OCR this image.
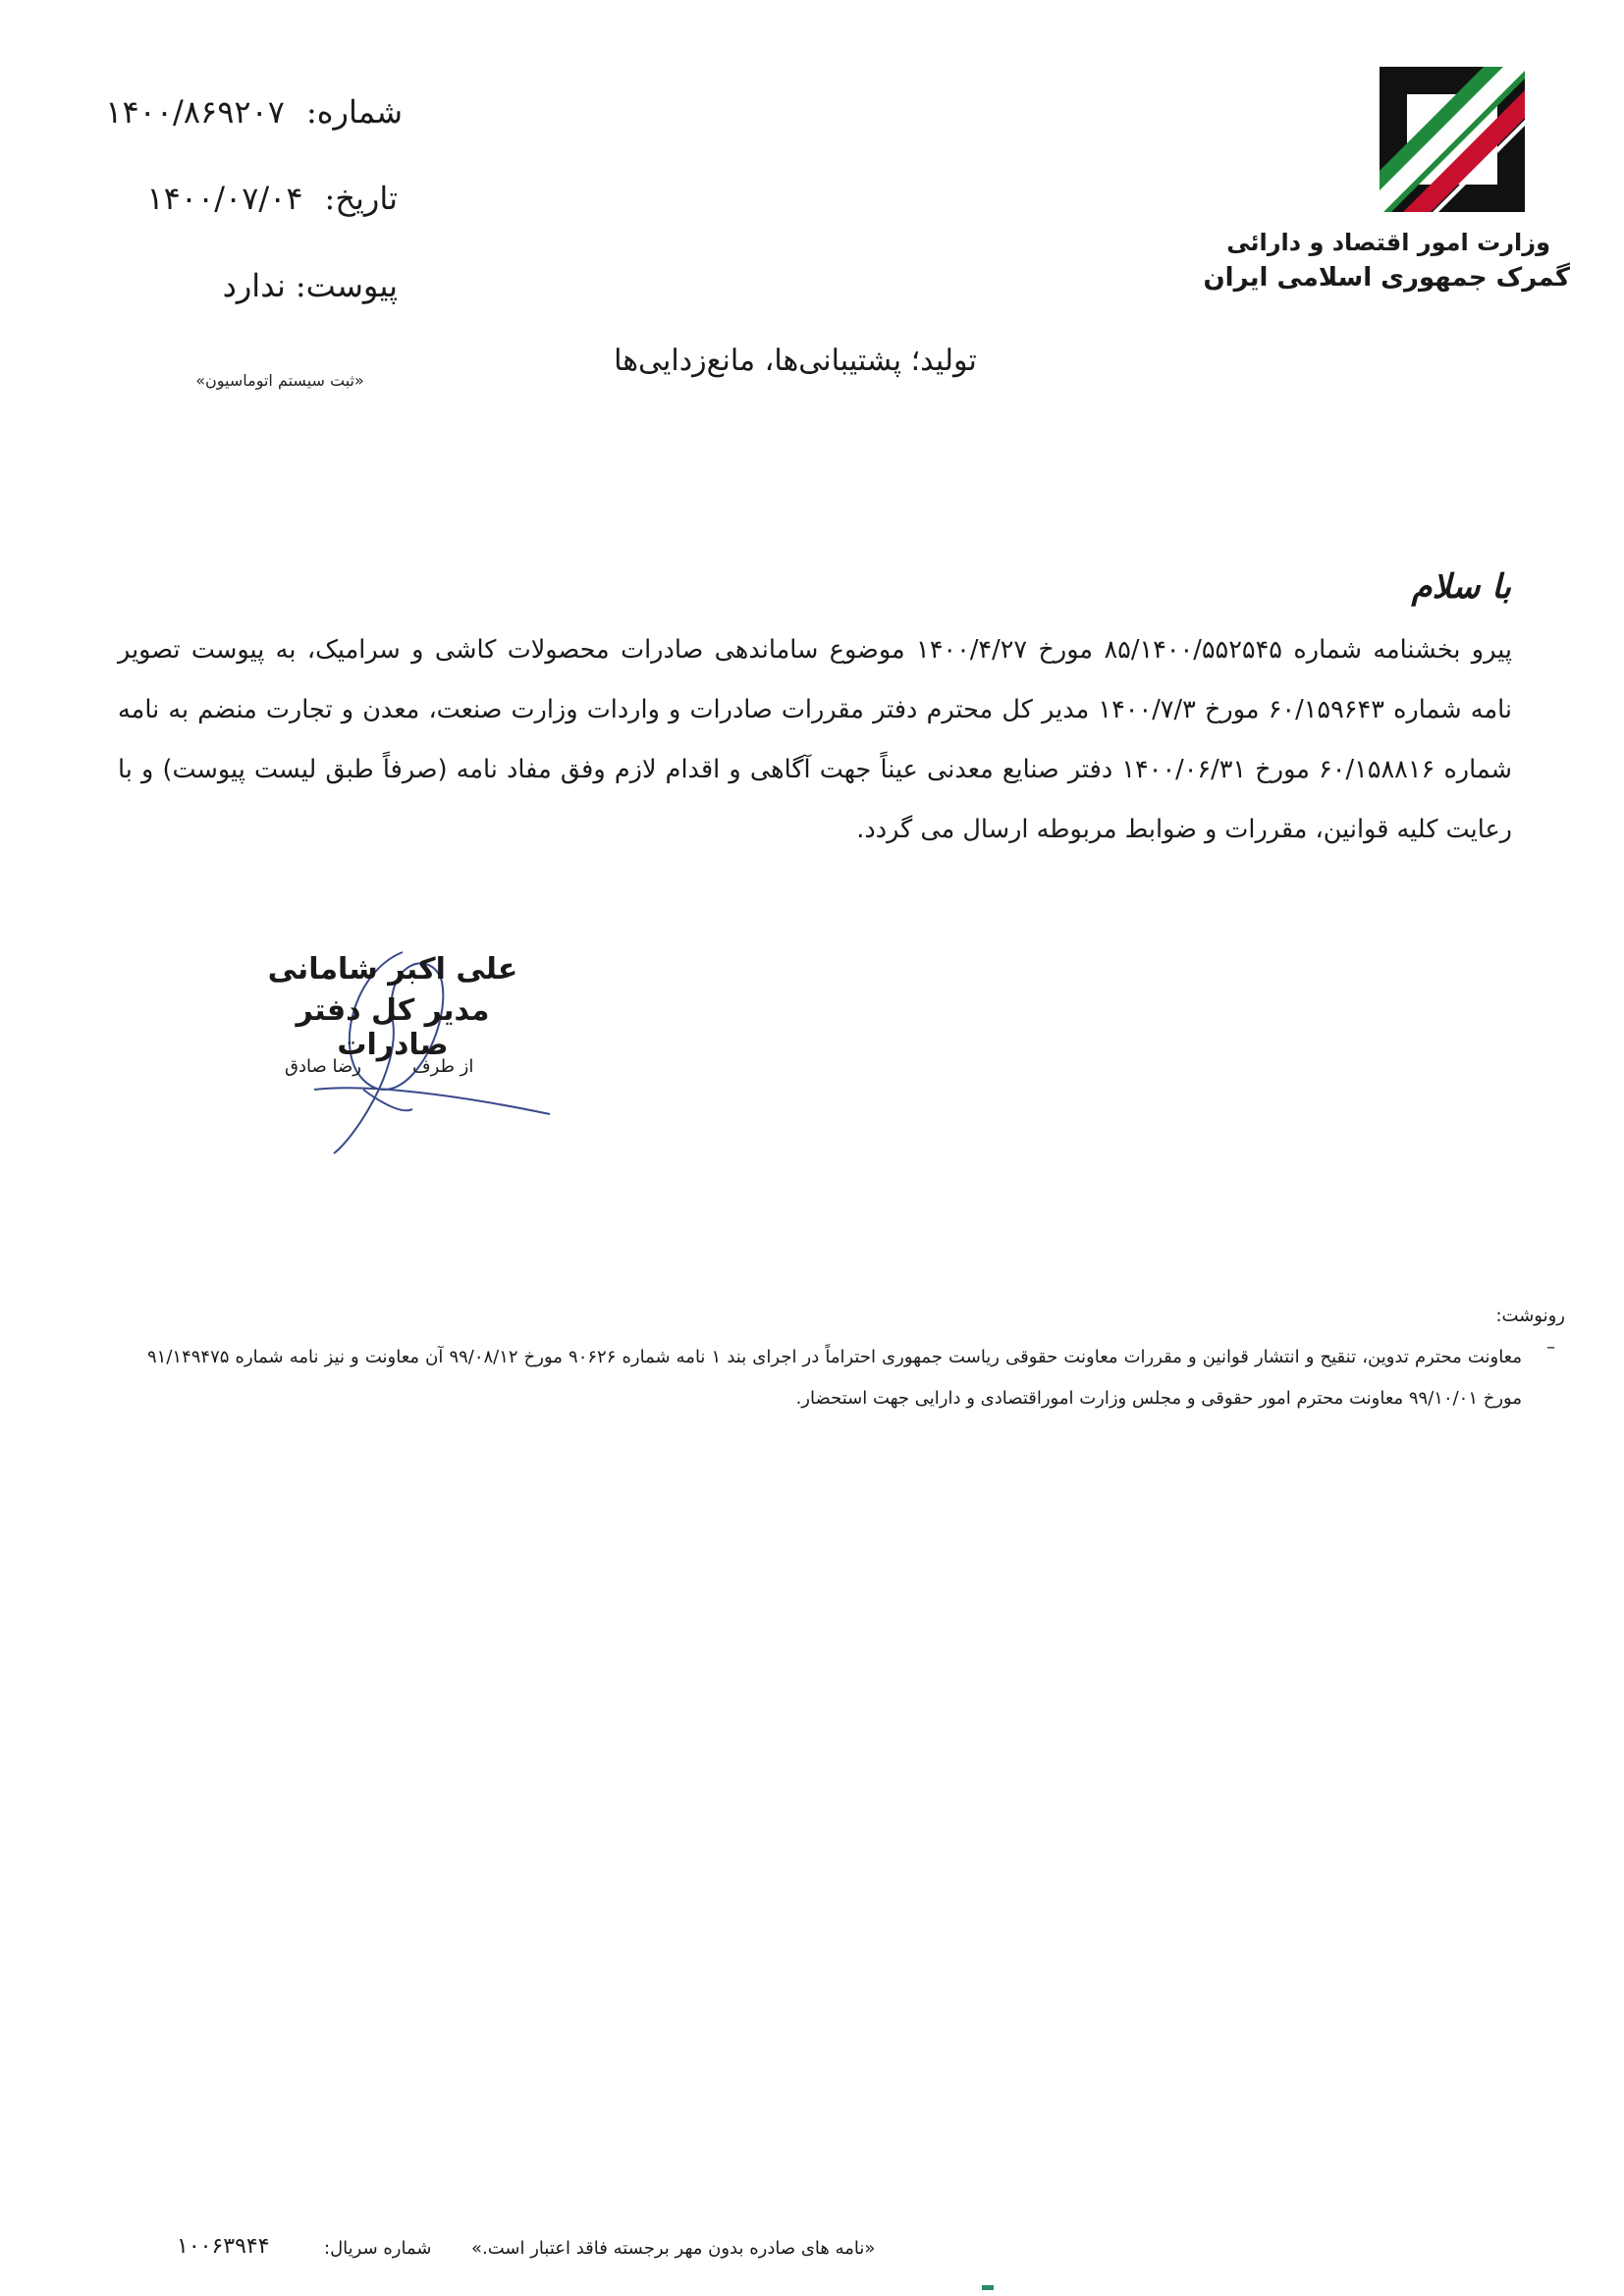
شماره:
۱۴۰۰/۸۶۹۲۰۷
تاریخ:
۱۴۰۰/۰۷/۰۴
پیوست:
ندارد
«ثبت سیستم اتوماسیون»
وزارت امور اقتصاد و دارائی
گمرک جمهوری اسلامی ایران
تولید؛ پشتیبانی‌ها، مانع‌زدایی‌ها
با سلام
پیرو بخشنامه شماره ۸۵/۱۴۰۰/۵۵۲۵۴۵ مورخ ۱۴۰۰/۴/۲۷ موضوع ساماندهی صادرات محصولات کاشی و سرامیک، به پیوست تصویر نامه شماره ۶۰/۱۵۹۶۴۳ مورخ ۱۴۰۰/۷/۳ مدیر کل محترم دفتر مقررات صادرات و واردات وزارت صنعت، معدن و تجارت منضم به نامه شماره ۶۰/۱۵۸۸۱۶ مورخ ۱۴۰۰/۰۶/۳۱ دفتر صنایع معدنی عیناً جهت آگاهی و اقدام لازم وفق مفاد نامه (صرفاً طبق لیست پیوست) و با رعایت کلیه قوانین، مقررات و ضوابط مربوطه ارسال می گردد.
علی اکبر شامانی
مدیر کل دفتر صادرات
از طرف
رضا صادق
رونوشت:
–
معاونت محترم تدوین، تنقیح و انتشار قوانین و مقررات معاونت حقوقی ریاست جمهوری احتراماً در اجرای بند ۱ نامه شماره ۹۰۶۲۶ مورخ ۹۹/۰۸/۱۲ آن معاونت و نیز نامه شماره ۹۱/۱۴۹۴۷۵ مورخ ۹۹/۱۰/۰۱ معاونت محترم امور حقوقی و مجلس وزارت اموراقتصادی و دارایی جهت استحضار.
«نامه های صادره بدون مهر برجسته فاقد اعتبار است.»
شماره سریال:
۱۰۰۶۳۹۴۴
